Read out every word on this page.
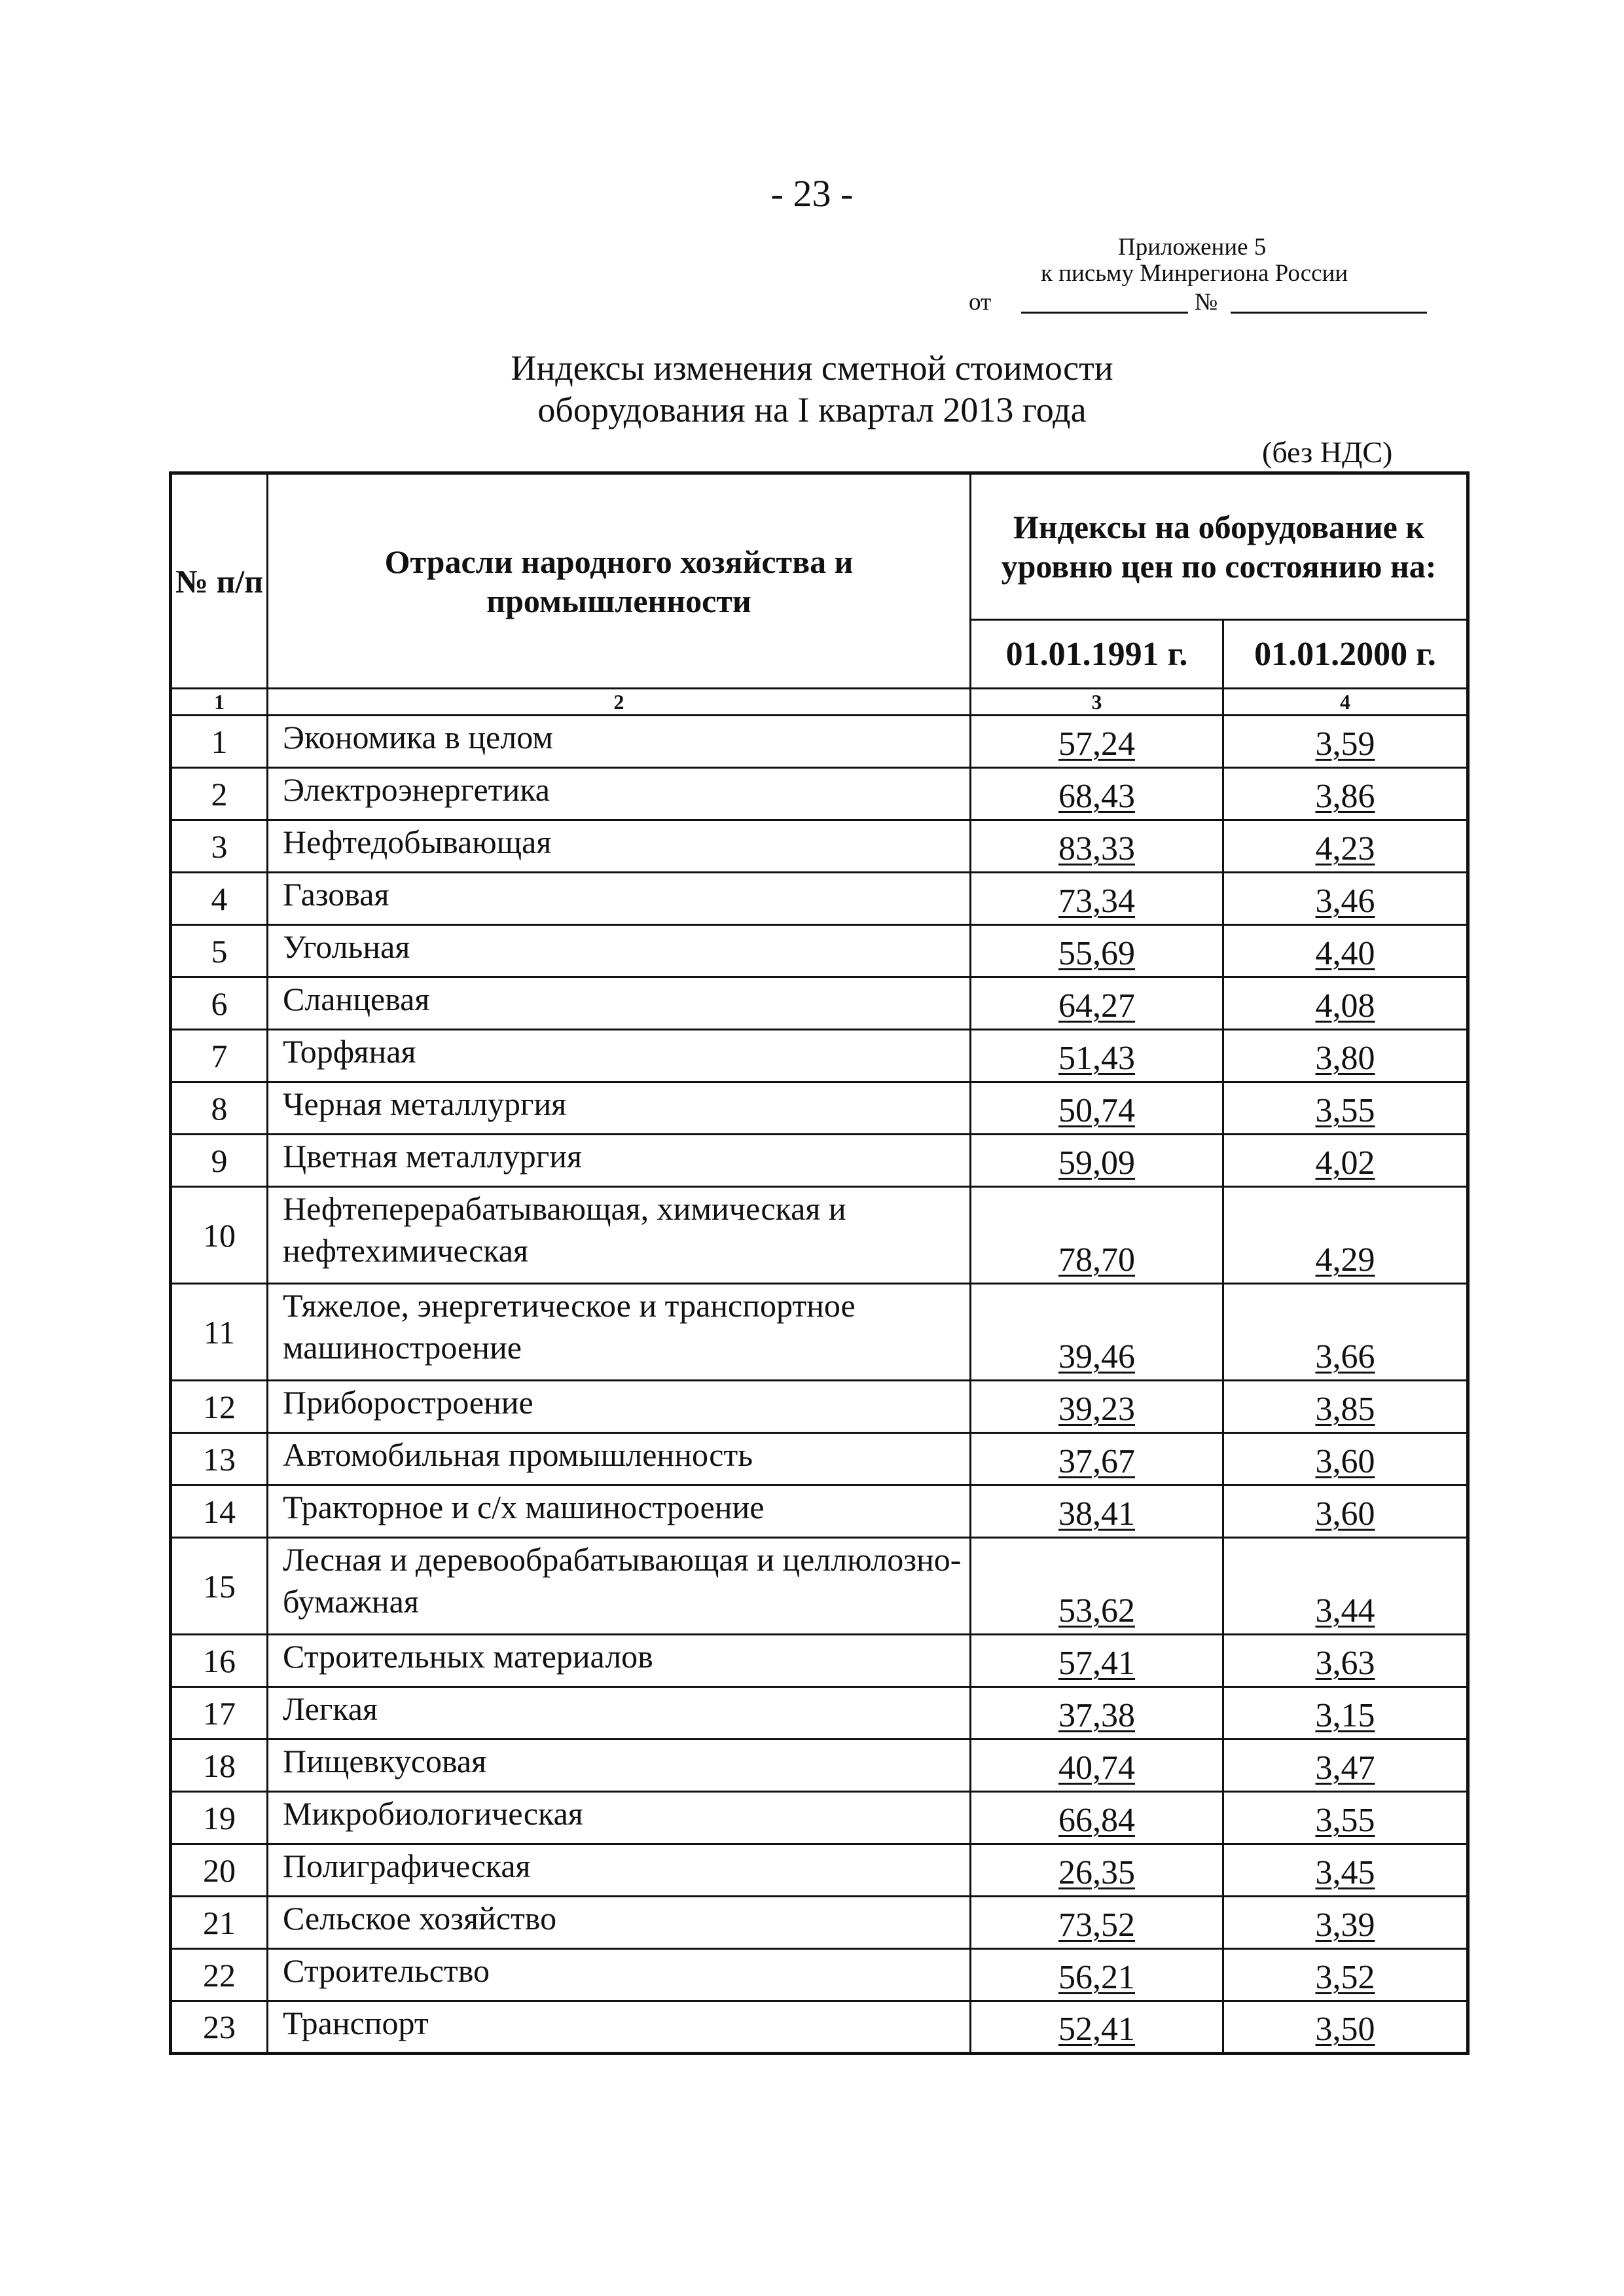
- 23 -
Приложение 5
к письму Минрегиона России
от	№
Индексы изменения сметной стоимости
оборудования на I квартал 2013 года
(без НДС)
№ п/п	Отрасли народного хозяйства и промышленности	Индексы на оборудование к уровню цен по состоянию на:	
		01.01.1991 г.	01.01.2000 г.
1	2	3	4
1	Экономика в целом	57,24	3,59
2	Электроэнергетика	68,43	3,86
3	Нефтедобывающая	83,33	4,23
4	Газовая	73,34	3,46
5	Угольная	55,69	4,40
6	Сланцевая	64,27	4,08
7	Торфяная	51,43	3,80
8	Черная металлургия	50,74	3,55
9	Цветная металлургия	59,09	4,02
10	Нефтеперерабатывающая, химическая и нефтехимическая	78,70	4,29
11	Тяжелое, энергетическое и транспортное машиностроение	39,46	3,66
12	Приборостроение	39,23	3,85
13	Автомобильная промышленность	37,67	3,60
14	Тракторное и с/х машиностроение	38,41	3,60
15	Лесная и деревообрабатывающая и целлюлозно-бумажная	53,62	3,44
16	Строительных материалов	57,41	3,63
17	Легкая	37,38	3,15
18	Пищевкусовая	40,74	3,47
19	Микробиологическая	66,84	3,55
20	Полиграфическая	26,35	3,45
21	Сельское хозяйство	73,52	3,39
22	Строительство	56,21	3,52
23	Транспорт	52,41	3,50
